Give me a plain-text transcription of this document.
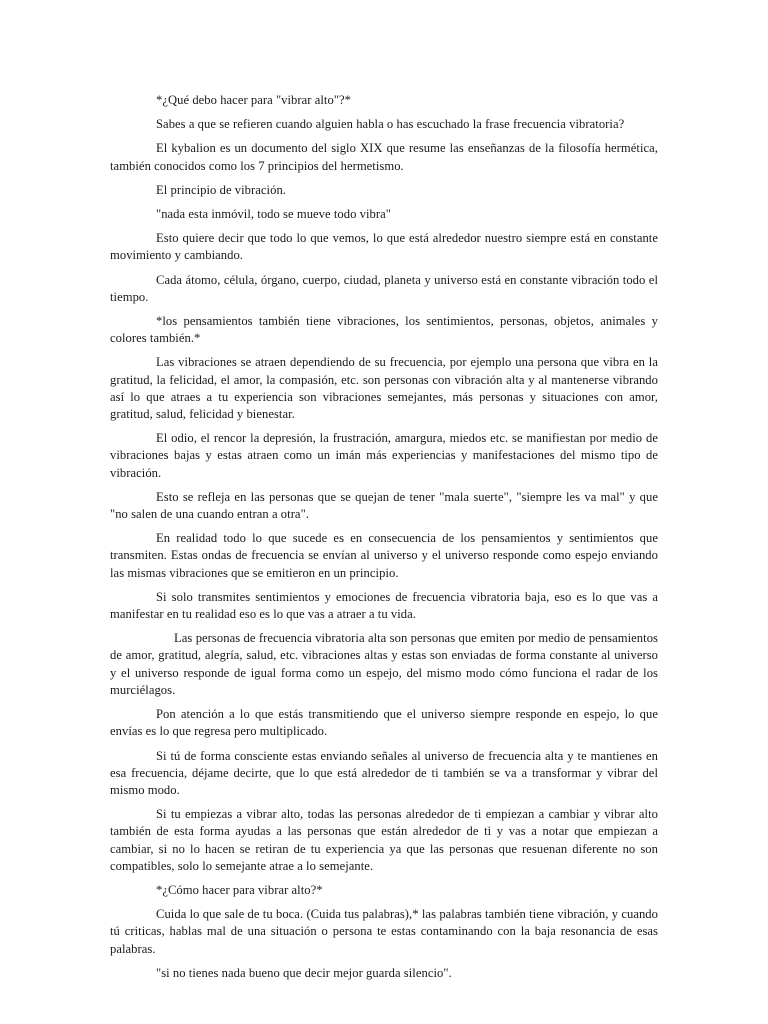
*¿Qué debo hacer para "vibrar alto"?*

Sabes a que se refieren cuando alguien habla o has escuchado la frase frecuencia vibratoria?

El kybalion es un documento del siglo XIX que resume las enseñanzas de la filosofía hermética, también conocidos como los 7 principios del hermetismo.

El principio de vibración.

"nada esta inmóvil, todo se mueve todo vibra"

Esto quiere decir que todo lo que vemos, lo que está alrededor nuestro siempre está en constante movimiento y cambiando.

Cada átomo, célula, órgano, cuerpo, ciudad, planeta y universo está en constante vibración todo el tiempo.

*los pensamientos también tiene vibraciones, los sentimientos, personas, objetos, animales y colores también.*

Las vibraciones se atraen dependiendo de su frecuencia, por ejemplo una persona que vibra en la gratitud, la felicidad, el amor, la compasión, etc. son personas con vibración alta y al mantenerse vibrando así lo que atraes a tu experiencia son vibraciones semejantes, más personas y situaciones con amor, gratitud, salud, felicidad y bienestar.

El odio, el rencor la depresión, la frustración, amargura, miedos etc. se manifiestan por medio de vibraciones bajas y estas atraen como un imán más experiencias y manifestaciones del mismo tipo de vibración.

Esto se refleja en las personas que se quejan de tener "mala suerte", "siempre les va mal" y que "no salen de una cuando entran a otra".

En realidad todo lo que sucede es en consecuencia de los pensamientos y sentimientos que transmiten. Estas ondas de frecuencia se envían al universo y el universo responde como espejo enviando las mismas vibraciones que se emitieron en un principio.

Si solo transmites sentimientos y emociones de frecuencia vibratoria baja, eso es lo que vas a manifestar en tu realidad eso es lo que vas a atraer a tu vida.

Las personas de frecuencia vibratoria alta son personas que emiten por medio de pensamientos de amor, gratitud, alegría, salud, etc. vibraciones altas y estas son enviadas de forma constante al universo y el universo responde de igual forma como un espejo, del mismo modo cómo funciona el radar de los murciélagos.

Pon atención a lo que estás transmitiendo que el universo siempre responde en espejo, lo que envías es lo que regresa pero multiplicado.

Si tú de forma consciente estas enviando señales al universo de frecuencia alta y te mantienes en esa frecuencia, déjame decirte, que lo que está alrededor de ti también se va a transformar y vibrar del mismo modo.

Si tu empiezas a vibrar alto, todas las personas alrededor de ti empiezan a cambiar y vibrar alto también de esta forma ayudas a las personas que están alrededor de ti y vas a notar que empiezan a cambiar, si no lo hacen se retiran de tu experiencia ya que las personas que resuenan diferente no son compatibles, solo lo semejante atrae a lo semejante.

*¿Cómo hacer para vibrar alto?*

Cuida lo que sale de tu boca. (Cuida tus palabras),* las palabras también tiene vibración, y cuando tú criticas, hablas mal de una situación o persona te estas contaminando con la baja resonancia de esas palabras.

"si no tienes nada bueno que decir mejor guarda silencio".
